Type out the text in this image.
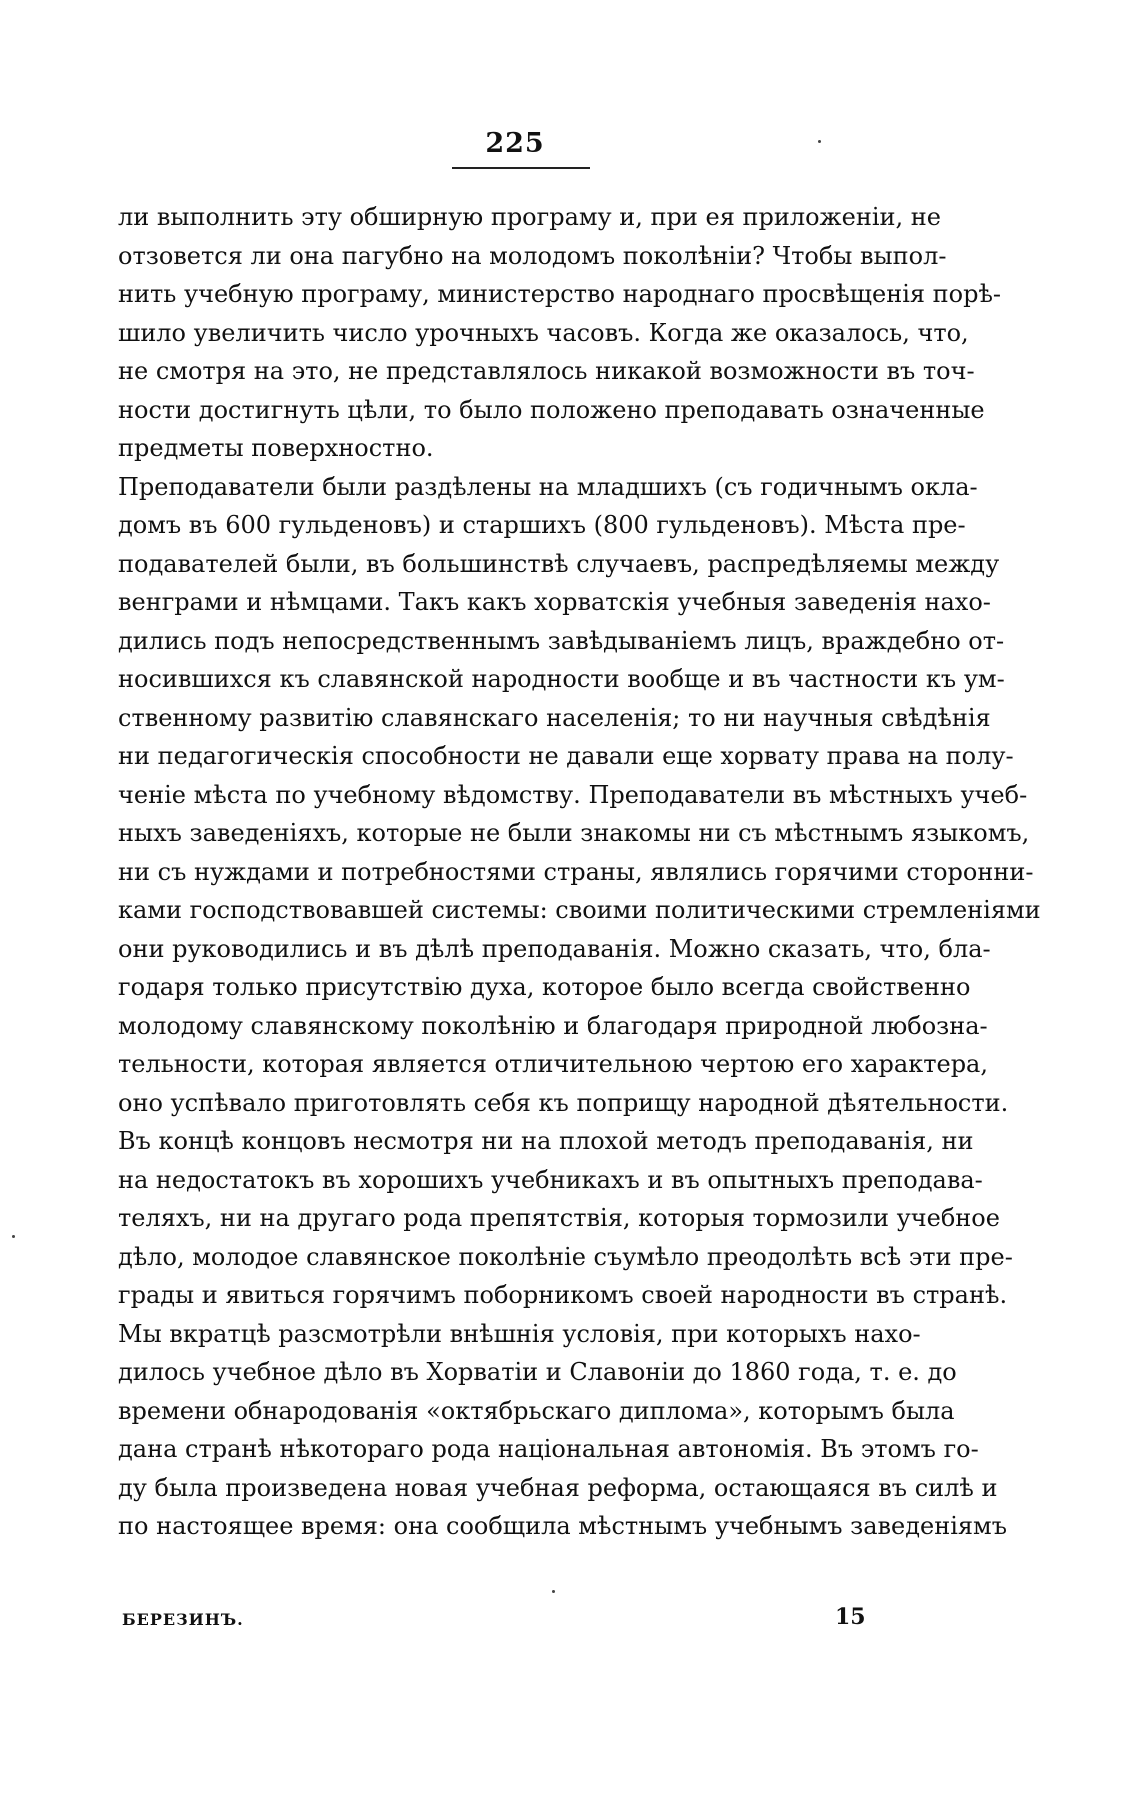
225
ли выполнить эту обширную програму и, при ея приложенiи, не
отзовется ли она пагубно на молодомъ поколѣнiи? Чтобы выпол-
нить учебную програму, министерство народнаго просвѣщенiя порѣ-
шило увеличить число урочныхъ часовъ. Когда же оказалось, что,
не смотря на это, не представлялось никакой возможности въ точ-
ности достигнуть цѣли, то было положено преподавать означенные
предметы поверхностно.
Преподаватели были раздѣлены на младшихъ (съ годичнымъ окла-
домъ въ 600 гульденовъ) и старшихъ (800 гульденовъ). Мѣста пре-
подавателей были, въ большинствѣ случаевъ, распредѣляемы между
венграми и нѣмцами. Такъ какъ хорватскiя учебныя заведенiя нахо-
дились подъ непосредственнымъ завѣдыванiемъ лицъ, враждебно от-
носившихся къ славянской народности вообще и въ частности къ ум-
ственному развитiю славянскаго населенiя; то ни научныя свѣдѣнiя
ни педагогическiя способности не давали еще хорвату права на полу-
ченiе мѣста по учебному вѣдомству. Преподаватели въ мѣстныхъ учеб-
ныхъ заведенiяхъ, которые не были знакомы ни съ мѣстнымъ языкомъ,
ни съ нуждами и потребностями страны, являлись горячими сторонни-
ками господствовавшей системы: своими политическими стремленiями
они руководились и въ дѣлѣ преподаванiя. Можно сказать, что, бла-
годаря только присутствiю духа, которое было всегда свойственно
молодому славянскому поколѣнiю и благодаря природной любозна-
тельности, которая является отличительною чертою его характера,
оно успѣвало приготовлять себя къ поприщу народной дѣятельности.
Въ концѣ концовъ несмотря ни на плохой методъ преподаванiя, ни
на недостатокъ въ хорошихъ учебникахъ и въ опытныхъ преподава-
теляхъ, ни на другаго рода препятствiя, которыя тормозили учебное
дѣло, молодое славянское поколѣнiе съумѣло преодолѣть всѣ эти пре-
грады и явиться горячимъ поборникомъ своей народности въ странѣ.
Мы вкратцѣ разсмотрѣли внѣшнiя условiя, при которыхъ нахо-
дилось учебное дѣло въ Хорватiи и Славонiи до 1860 года, т. е. до
времени обнародованiя «октябрьскаго диплома», которымъ была
дана странѣ нѣкотораго рода нацiональная автономiя. Въ этомъ го-
ду была произведена новая учебная реформа, остающаяся въ силѣ и
по настоящее время: она сообщила мѣстнымъ учебнымъ заведенiямъ
БЕРЕЗИНЪ.	15
